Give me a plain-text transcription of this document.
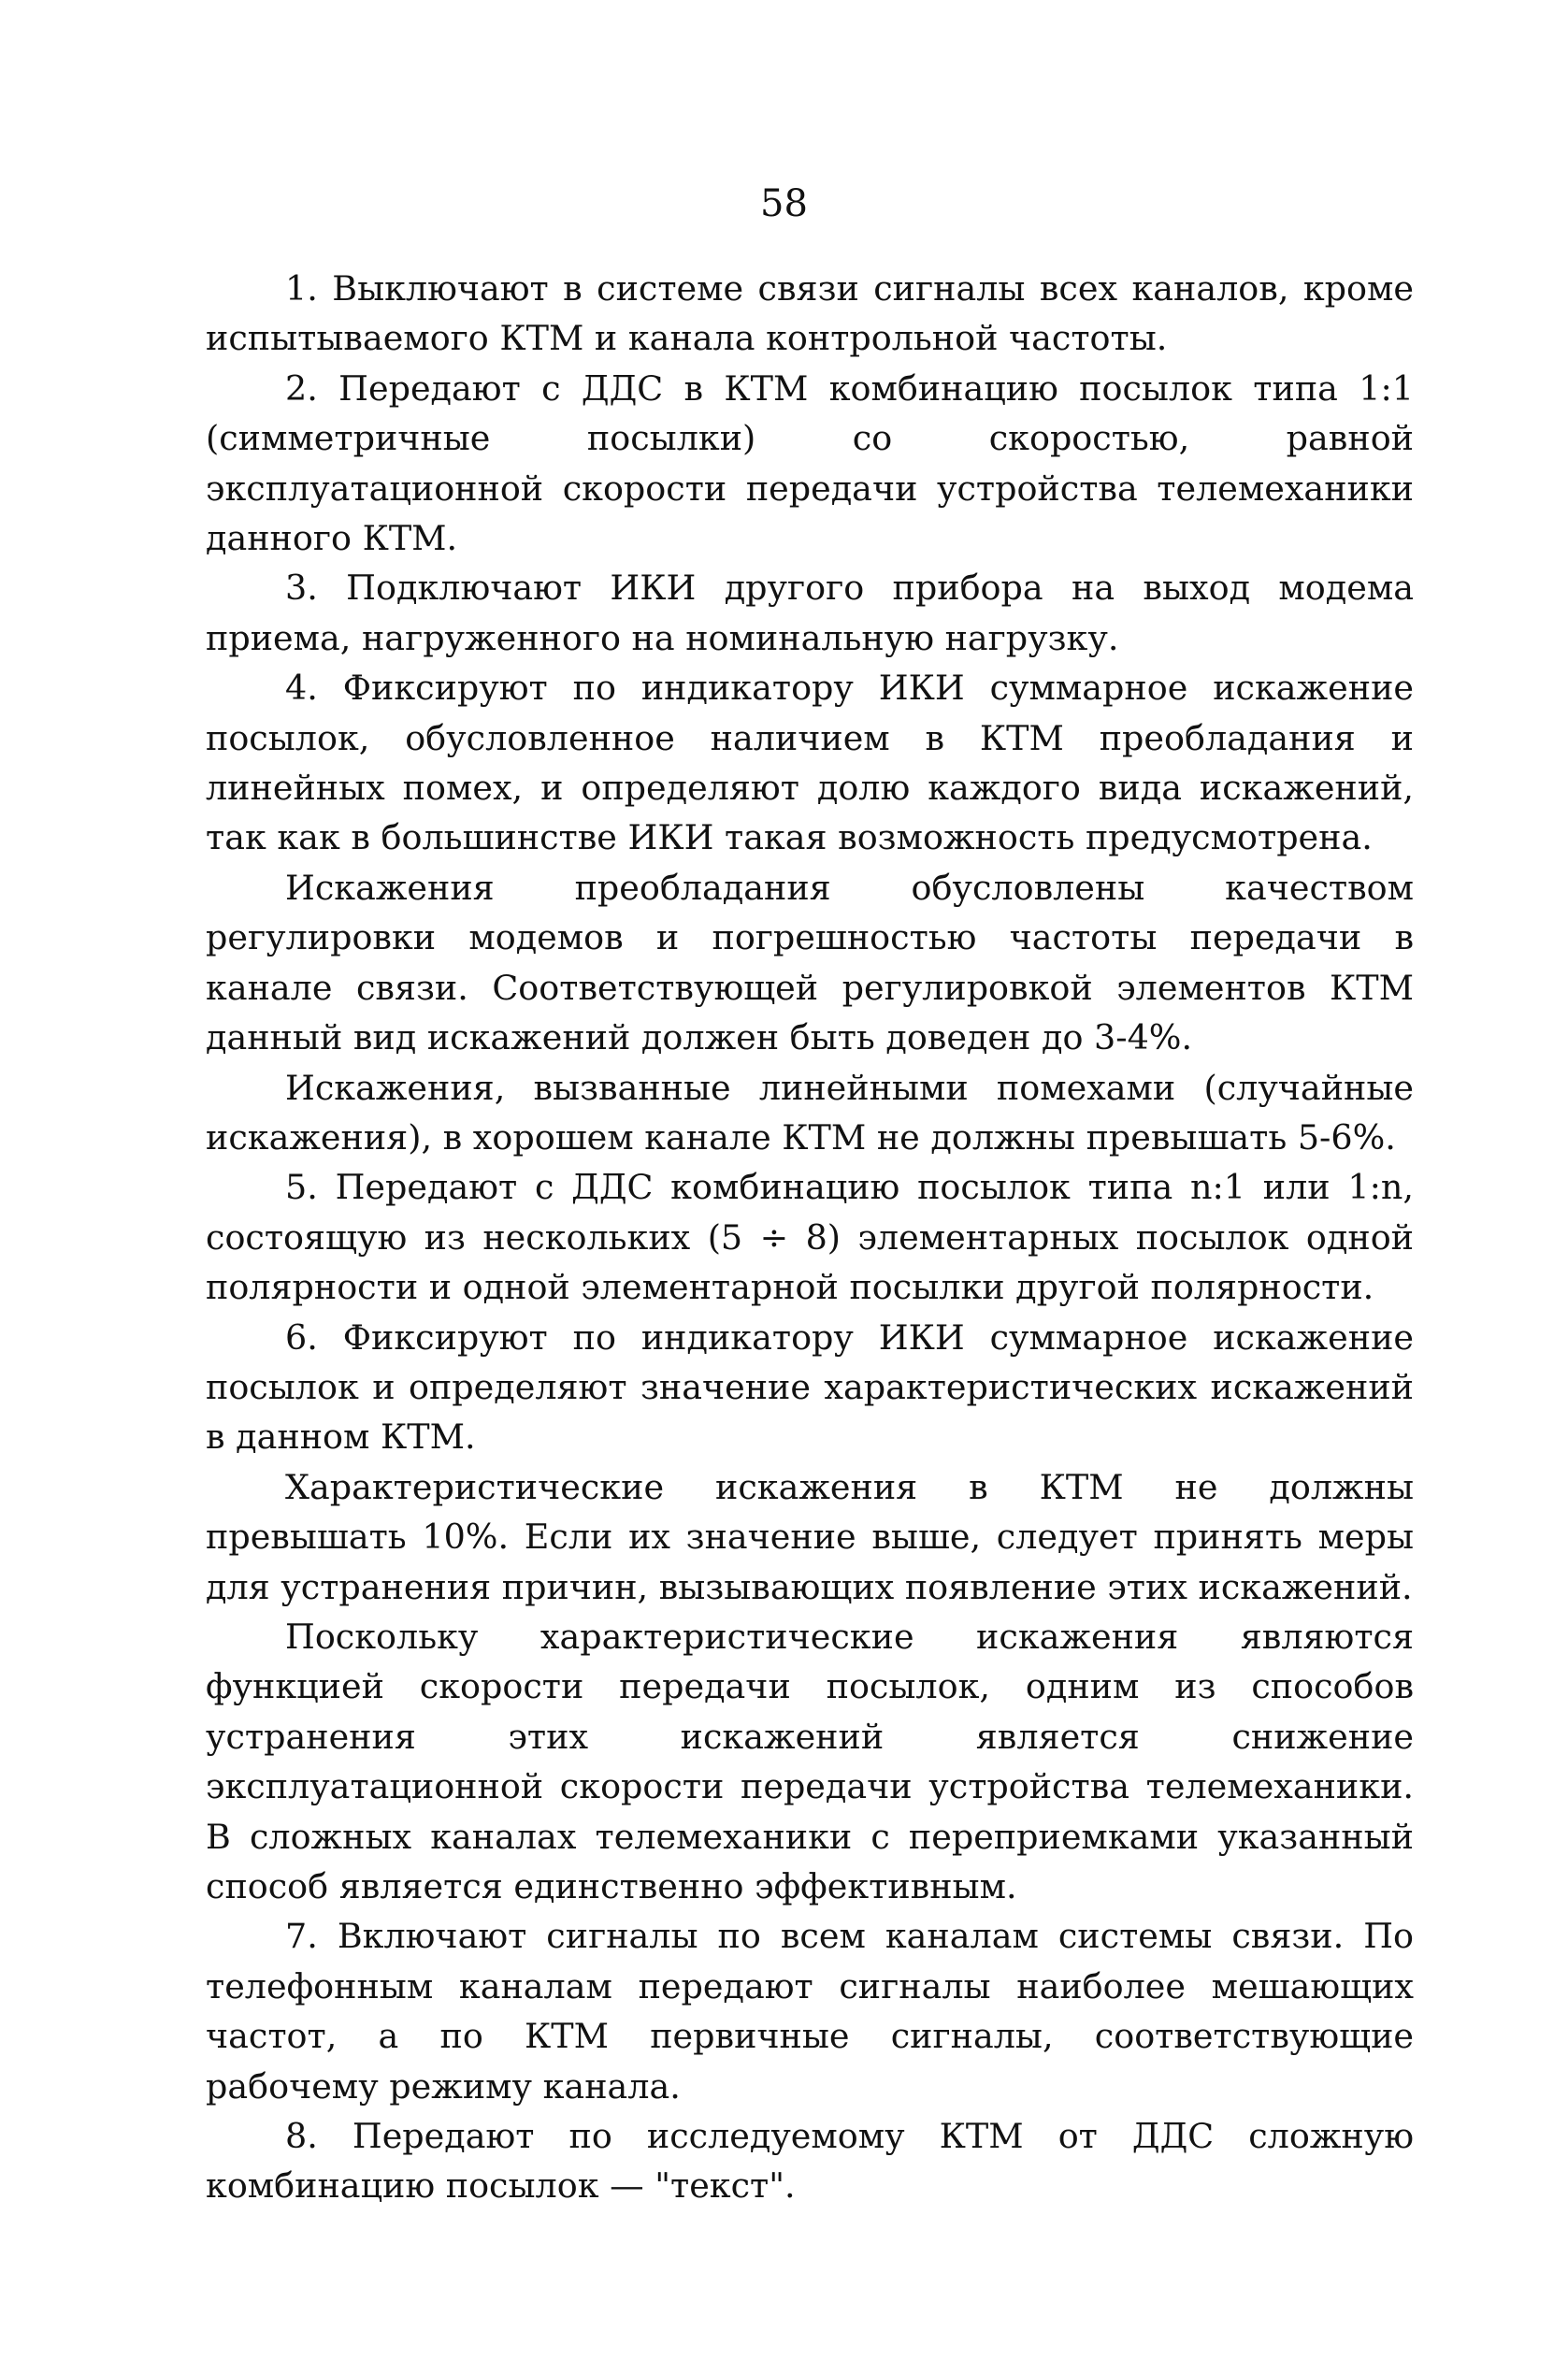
58

1. Выключают в системе связи сигналы всех каналов, кроме испытываемого КТМ и канала контрольной частоты.

2. Передают с ДДС в КТМ комбинацию посылок типа 1:1 (симметричные посылки) со скоростью, равной эксплуатационной скорости передачи устройства телемеханики данного КТМ.

3. Подключают ИКИ другого прибора на выход модема приема, нагруженного на номинальную нагрузку.

4. Фиксируют по индикатору ИКИ суммарное искажение посылок, обусловленное наличием в КТМ преобладания и линейных помех, и определяют долю каждого вида искажений, так как в большинстве ИКИ такая возможность предусмотрена.

Искажения преобладания обусловлены качеством регулировки модемов и погрешностью частоты передачи в канале связи. Соответствующей регулировкой элементов КТМ данный вид искажений должен быть доведен до 3-4%.

Искажения, вызванные линейными помехами (случайные искажения), в хорошем канале КТМ не должны превышать 5-6%.

5. Передают с ДДС комбинацию посылок типа n:1 или 1:n, состоящую из нескольких (5 ÷ 8) элементарных посылок одной полярности и одной элементарной посылки другой полярности.

6. Фиксируют по индикатору ИКИ суммарное искажение посылок и определяют значение характеристических искажений в данном КТМ.

Характеристические искажения в КТМ не должны превышать 10%. Если их значение выше, следует принять меры для устранения причин, вызывающих появление этих искажений.

Поскольку характеристические искажения являются функцией скорости передачи посылок, одним из способов устранения этих искажений является снижение эксплуатационной скорости передачи устройства телемеханики. В сложных каналах телемеханики с переприемками указанный способ является единственно эффективным.

7. Включают сигналы по всем каналам системы связи. По телефонным каналам передают сигналы наиболее мешающих частот, а по КТМ первичные сигналы, соответствующие рабочему режиму канала.

8. Передают по исследуемому КТМ от ДДС сложную комбинацию посылок — "текст".
